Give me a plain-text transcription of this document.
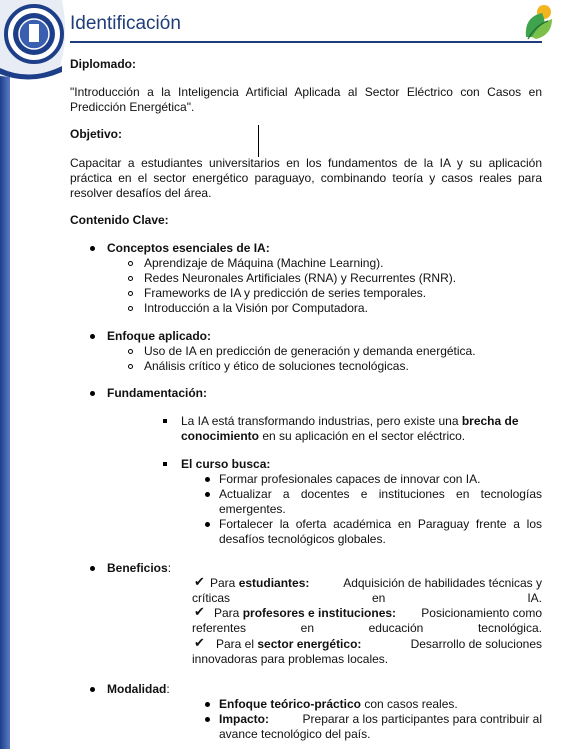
Identificación
Diplomado:
"Introducción a la Inteligencia Artificial Aplicada al Sector Eléctrico con Casos en
Predicción Energética".
Objetivo:
Capacitar a estudiantes universitarios en los fundamentos de la IA y su aplicación
práctica en el sector energético paraguayo, combinando teoría y casos reales para
resolver desafíos del área.
Contenido Clave:
Conceptos esenciales de IA:
Aprendizaje de Máquina (Machine Learning).
Redes Neuronales Artificiales (RNA) y Recurrentes (RNR).
Frameworks de IA y predicción de series temporales.
Introducción a la Visión por Computadora.
Enfoque aplicado:
Uso de IA en predicción de generación y demanda energética.
Análisis crítico y ético de soluciones tecnológicas.
Fundamentación:
La IA está transformando industrias, pero existe una brecha de
conocimiento en su aplicación en el sector eléctrico.
El curso busca:
Formar profesionales capaces de innovar con IA.
Actualizar a docentes e instituciones en tecnologías
emergentes.
Fortalecer la oferta académica en Paraguay frente a los
desafíos tecnológicos globales.
Beneficios:
✔ Para estudiantes:	Adquisición de habilidades técnicas y
críticas	en	IA.
✔ Para profesores e instituciones: Posicionamiento como
referentes	en	educación	tecnológica.
✔ Para el sector energético:	Desarrollo de soluciones
innovadoras para problemas locales.
Modalidad:
Enfoque teórico-práctico con casos reales.
Impacto:	Preparar a los participantes para contribuir al
avance tecnológico del país.
